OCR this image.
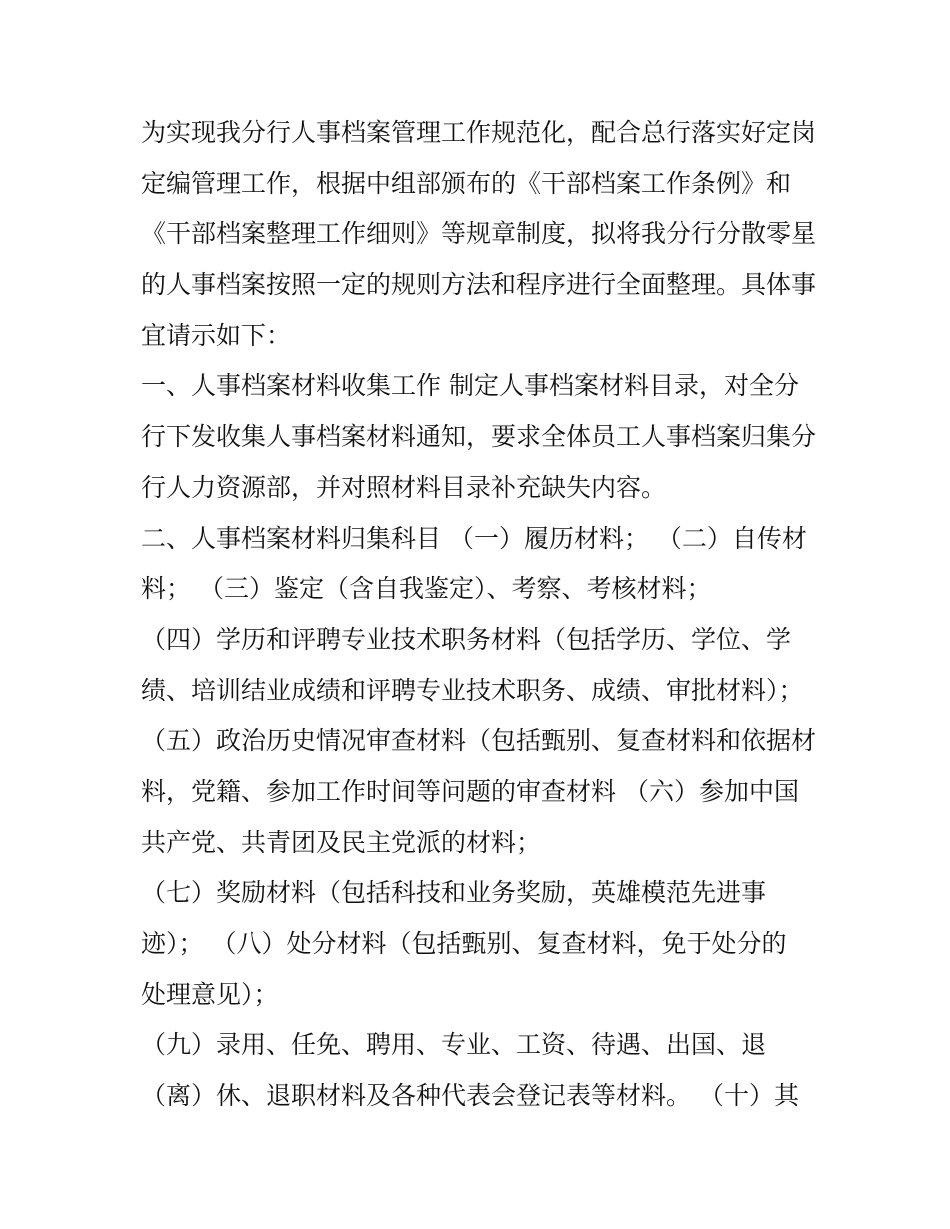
为实现我分行人事档案管理工作规范化，配合总行落实好定岗
定编管理工作，根据中组部颁布的《干部档案工作条例》和
《干部档案整理工作细则》等规章制度，拟将我分行分散零星
的人事档案按照一定的规则方法和程序进行全面整理。具体事
宜请示如下：
一、人事档案材料收集工作 制定人事档案材料目录，对全分
行下发收集人事档案材料通知，要求全体员工人事档案归集分
行人力资源部，并对照材料目录补充缺失内容。
二、人事档案材料归集科目 （一）履历材料； （二）自传材
料； （三）鉴定（含自我鉴定）、考察、考核材料；
（四）学历和评聘专业技术职务材料（包括学历、学位、学
绩、培训结业成绩和评聘专业技术职务、成绩、审批材料）；
（五）政治历史情况审查材料（包括甄别、复查材料和依据材
料，党籍、参加工作时间等问题的审查材料 （六）参加中国
共产党、共青团及民主党派的材料；
（七）奖励材料（包括科技和业务奖励，英雄模范先进事
迹）； （八）处分材料（包括甄别、复查材料，免于处分的
处理意见）；
（九）录用、任免、聘用、专业、工资、待遇、出国、退
（离）休、退职材料及各种代表会登记表等材料。 （十）其
